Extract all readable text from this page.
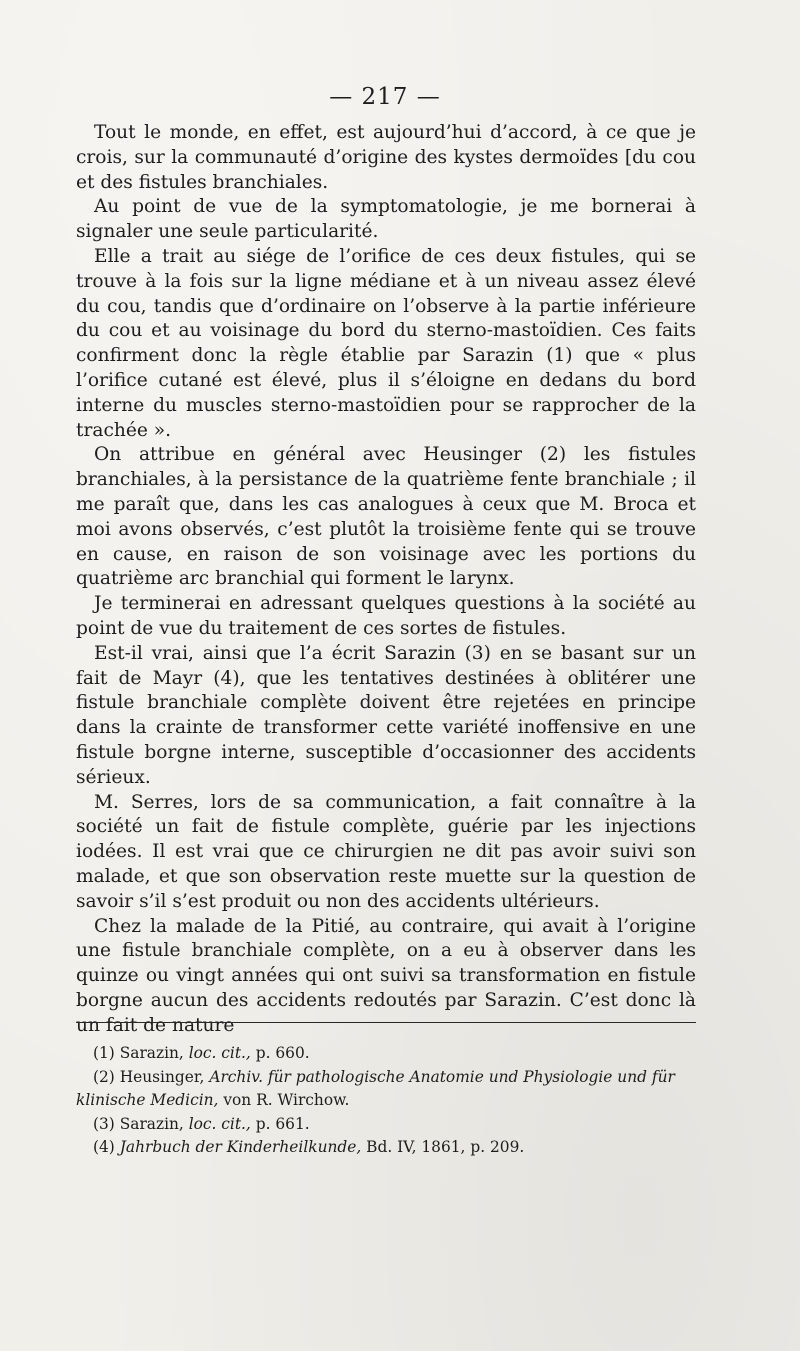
— 217 —

Tout le monde, en effet, est aujourd’hui d’accord, à ce que je crois, sur la communauté d’origine des kystes dermoïdes [du cou et des fistules branchiales.

Au point de vue de la symptomatologie, je me bornerai à signaler une seule particularité.

Elle a trait au siége de l’orifice de ces deux fistules, qui se trouve à la fois sur la ligne médiane et à un niveau assez élevé du cou, tandis que d’ordinaire on l’observe à la partie inférieure du cou et au voisinage du bord du sterno-mastoïdien. Ces faits confirment donc la règle établie par Sarazin (1) que « plus l’orifice cutané est élevé, plus il s’éloigne en dedans du bord interne du muscles sterno-mastoïdien pour se rapprocher de la trachée ».

On attribue en général avec Heusinger (2) les fistules branchiales, à la persistance de la quatrième fente branchiale ; il me paraît que, dans les cas analogues à ceux que M. Broca et moi avons observés, c’est plutôt la troisième fente qui se trouve en cause, en raison de son voisinage avec les portions du quatrième arc branchial qui forment le larynx.

Je terminerai en adressant quelques questions à la société au point de vue du traitement de ces sortes de fistules.

Est-il vrai, ainsi que l’a écrit Sarazin (3) en se basant sur un fait de Mayr (4), que les tentatives destinées à oblitérer une fistule branchiale complète doivent être rejetées en principe dans la crainte de transformer cette variété inoffensive en une fistule borgne interne, susceptible d’occasionner des accidents sérieux.

M. Serres, lors de sa communication, a fait connaître à la société un fait de fistule complète, guérie par les injections iodées. Il est vrai que ce chirurgien ne dit pas avoir suivi son malade, et que son observation reste muette sur la question de savoir s’il s’est produit ou non des accidents ultérieurs.

Chez la malade de la Pitié, au contraire, qui avait à l’origine une fistule branchiale complète, on a eu à observer dans les quinze ou vingt années qui ont suivi sa transformation en fistule borgne aucun des accidents redoutés par Sarazin. C’est donc là un fait de nature

(1) Sarazin, loc. cit., p. 660.

(2) Heusinger, Archiv. für pathologische Anatomie und Physiologie und für klinische Medicin, von R. Wirchow.

(3) Sarazin, loc. cit., p. 661.

(4) Jahrbuch der Kinderheilkunde, Bd. IV, 1861, p. 209.
